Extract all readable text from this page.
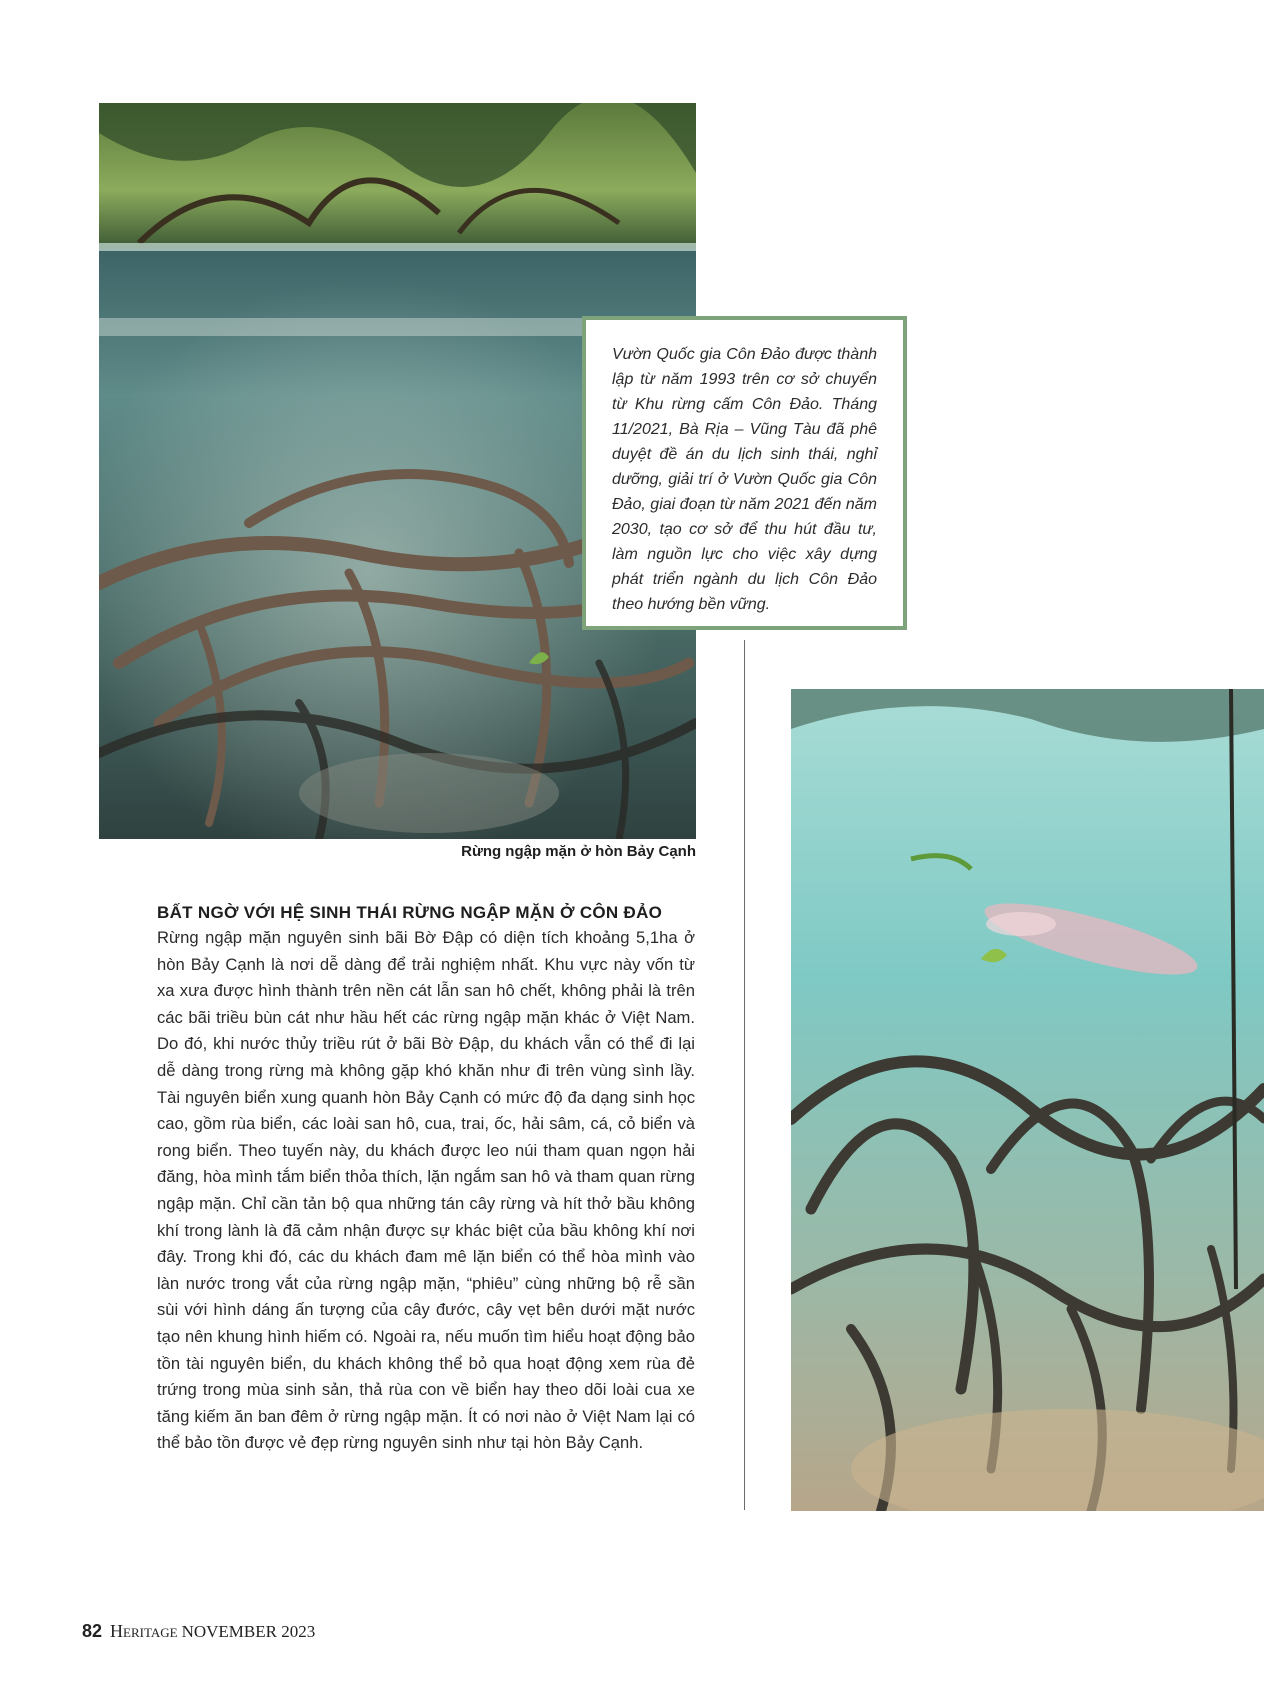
Rừng ngập mặn ở hòn Bảy Cạnh

Vườn Quốc gia Côn Đảo được thành lập từ năm 1993 trên cơ sở chuyển từ Khu rừng cấm Côn Đảo. Tháng 11/2021, Bà Rịa – Vũng Tàu đã phê duyệt đề án du lịch sinh thái, nghỉ dưỡng, giải trí ở Vườn Quốc gia Côn Đảo, giai đoạn từ năm 2021 đến năm 2030, tạo cơ sở để thu hút đầu tư, làm nguồn lực cho việc xây dựng phát triển ngành du lịch Côn Đảo theo hướng bền vững.

BẤT NGỜ VỚI HỆ SINH THÁI RỪNG NGẬP MẶN Ở CÔN ĐẢO

Rừng ngập mặn nguyên sinh bãi Bờ Đập có diện tích khoảng 5,1ha ở hòn Bảy Cạnh là nơi dễ dàng để trải nghiệm nhất. Khu vực này vốn từ xa xưa được hình thành trên nền cát lẫn san hô chết, không phải là trên các bãi triều bùn cát như hầu hết các rừng ngập mặn khác ở Việt Nam. Do đó, khi nước thủy triều rút ở bãi Bờ Đập, du khách vẫn có thể đi lại dễ dàng trong rừng mà không gặp khó khăn như đi trên vùng sình lầy. Tài nguyên biển xung quanh hòn Bảy Cạnh có mức độ đa dạng sinh học cao, gồm rùa biển, các loài san hô, cua, trai, ốc, hải sâm, cá, cỏ biển và rong biển. Theo tuyến này, du khách được leo núi tham quan ngọn hải đăng, hòa mình tắm biển thỏa thích, lặn ngắm san hô và tham quan rừng ngập mặn. Chỉ cần tản bộ qua những tán cây rừng và hít thở bầu không khí trong lành là đã cảm nhận được sự khác biệt của bầu không khí nơi đây. Trong khi đó, các du khách đam mê lặn biển có thể hòa mình vào làn nước trong vắt của rừng ngập mặn, “phiêu” cùng những bộ rễ sần sùi với hình dáng ấn tượng của cây đước, cây vẹt bên dưới mặt nước tạo nên khung hình hiếm có. Ngoài ra, nếu muốn tìm hiểu hoạt động bảo tồn tài nguyên biển, du khách không thể bỏ qua hoạt động xem rùa đẻ trứng trong mùa sinh sản, thả rùa con về biển hay theo dõi loài cua xe tăng kiếm ăn ban đêm ở rừng ngập mặn. Ít có nơi nào ở Việt Nam lại có thể bảo tồn được vẻ đẹp rừng nguyên sinh như tại hòn Bảy Cạnh.

82 Heritage NOVEMBER 2023
